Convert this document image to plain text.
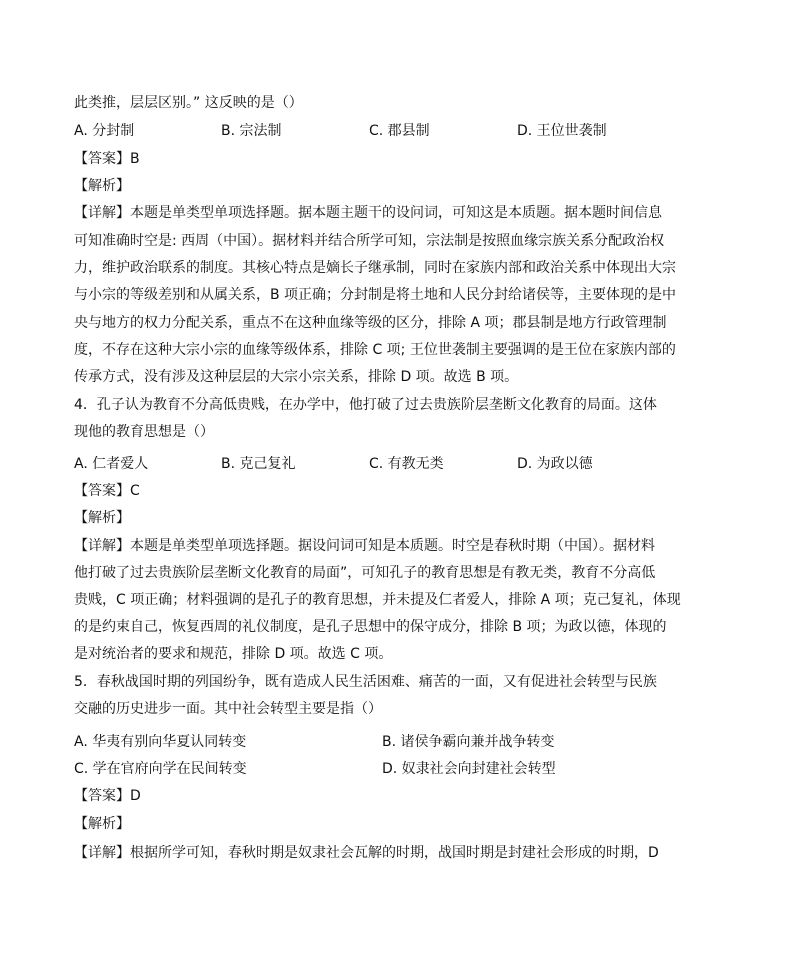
此类推，层层区别。” 这反映的是（）
A. 分封制	B. 宗法制	C. 郡县制	D. 王位世袭制
【答案】B
【解析】
【详解】本题是单类型单项选择题。据本题主题干的设问词，可知这是本质题。据本题时间信息
可知准确时空是: 西周（中国）。据材料并结合所学可知，宗法制是按照血缘宗族关系分配政治权
力，维护政治联系的制度。其核心特点是嫡长子继承制，同时在家族内部和政治关系中体现出大宗
与小宗的等级差别和从属关系，B 项正确；分封制是将土地和人民分封给诸侯等，主要体现的是中
央与地方的权力分配关系，重点不在这种血缘等级的区分，排除 A 项；郡县制是地方行政管理制
度，不存在这种大宗小宗的血缘等级体系，排除 C 项; 王位世袭制主要强调的是王位在家族内部的
传承方式，没有涉及这种层层的大宗小宗关系，排除 D 项。故选 B 项。
4．孔子认为教育不分高低贵贱，在办学中，他打破了过去贵族阶层垄断文化教育的局面。这体
现他的教育思想是（）
A. 仁者爱人	B. 克己复礼	C. 有教无类	D. 为政以德
【答案】C
【解析】
【详解】本题是单类型单项选择题。据设问词可知是本质题。时空是春秋时期（中国）。据材料
他打破了过去贵族阶层垄断文化教育的局面”，可知孔子的教育思想是有教无类，教育不分高低
贵贱，C 项正确；材料强调的是孔子的教育思想，并未提及仁者爱人，排除 A 项；克己复礼，体现
的是约束自己，恢复西周的礼仪制度，是孔子思想中的保守成分，排除 B 项；为政以德，体现的
是对统治者的要求和规范，排除 D 项。故选 C 项。
5．春秋战国时期的列国纷争，既有造成人民生活困难、痛苦的一面，又有促进社会转型与民族
交融的历史进步一面。其中社会转型主要是指（）
A. 华夷有别向华夏认同转变	B. 诸侯争霸向兼并战争转变
C. 学在官府向学在民间转变	D. 奴隶社会向封建社会转型
【答案】D
【解析】
【详解】根据所学可知，春秋时期是奴隶社会瓦解的时期，战国时期是封建社会形成的时期，D
